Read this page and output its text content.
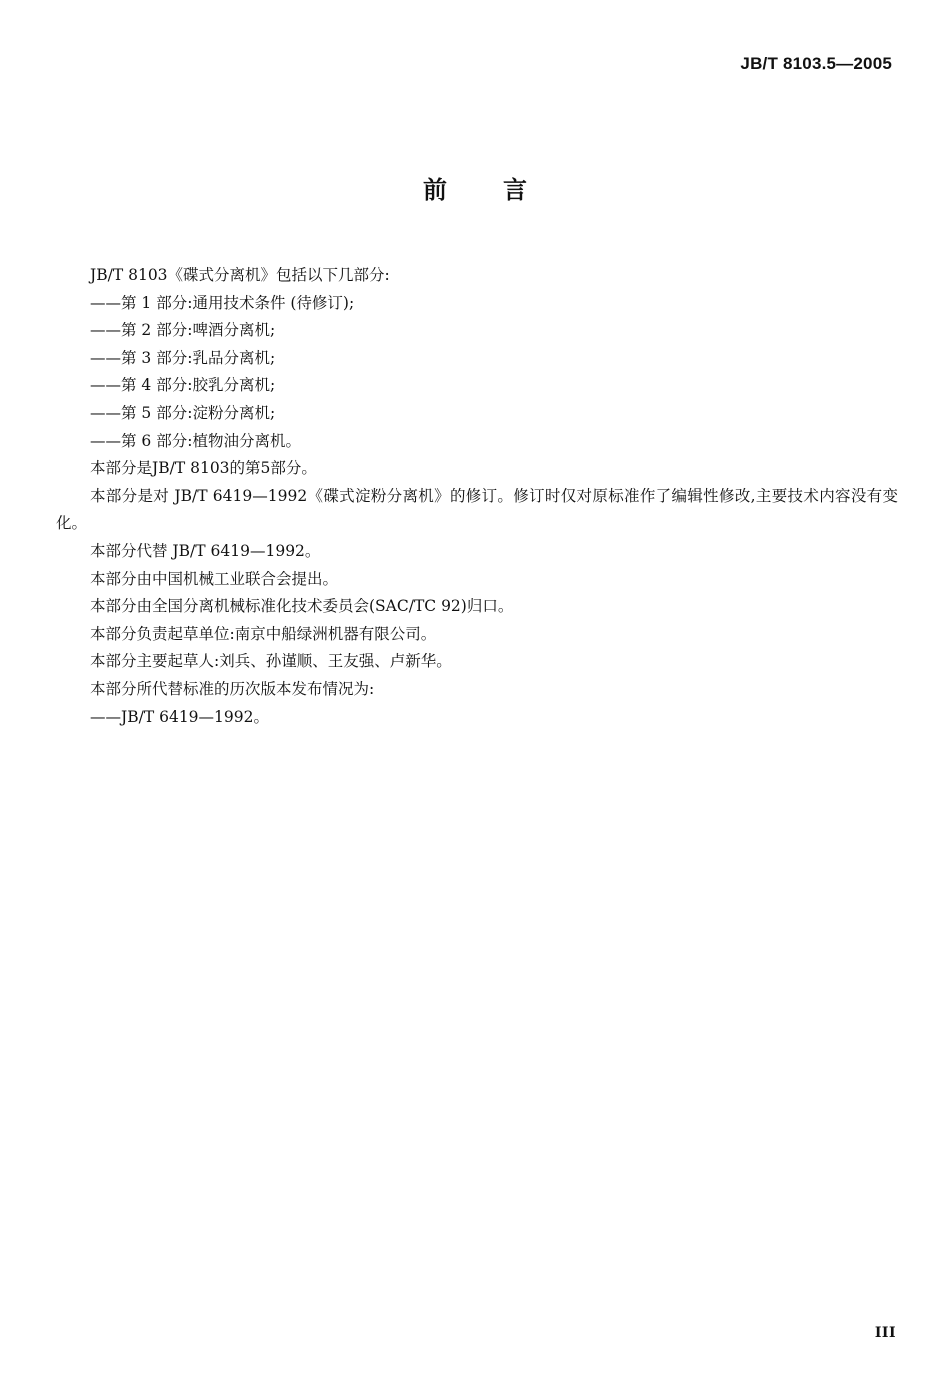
JB/T 8103.5—2005
前言
JB/T 8103《碟式分离机》包括以下几部分:
——第 1 部分:通用技术条件 (待修订);
——第 2 部分:啤酒分离机;
——第 3 部分:乳品分离机;
——第 4 部分:胶乳分离机;
——第 5 部分:淀粉分离机;
——第 6 部分:植物油分离机。
本部分是JB/T 8103的第5部分。
本部分是对 JB/T 6419—1992《碟式淀粉分离机》的修订。修订时仅对原标准作了编辑性修改,主要技术内容没有变化。
本部分代替 JB/T 6419—1992。
本部分由中国机械工业联合会提出。
本部分由全国分离机械标准化技术委员会(SAC/TC 92)归口。
本部分负责起草单位:南京中船绿洲机器有限公司。
本部分主要起草人:刘兵、孙谨顺、王友强、卢新华。
本部分所代替标准的历次版本发布情况为:
——JB/T 6419—1992。
III
